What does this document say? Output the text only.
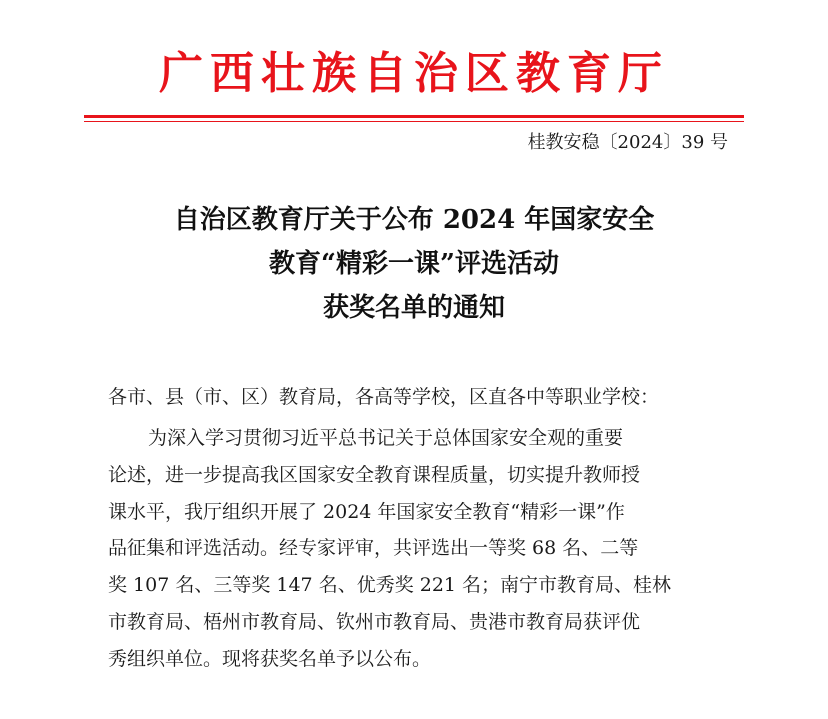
广西壮族自治区教育厅
桂教安稳〔2024〕39 号
自治区教育厅关于公布 2024 年国家安全
教育“精彩一课”评选活动
获奖名单的通知
各市、县（市、区）教育局，各高等学校，区直各中等职业学校：
为深入学习贯彻习近平总书记关于总体国家安全观的重要
论述，进一步提高我区国家安全教育课程质量，切实提升教师授
课水平，我厅组织开展了 2024 年国家安全教育“精彩一课”作
品征集和评选活动。经专家评审，共评选出一等奖 68 名、二等
奖 107 名、三等奖 147 名、优秀奖 221 名；南宁市教育局、桂林
市教育局、梧州市教育局、钦州市教育局、贵港市教育局获评优
秀组织单位。现将获奖名单予以公布。
